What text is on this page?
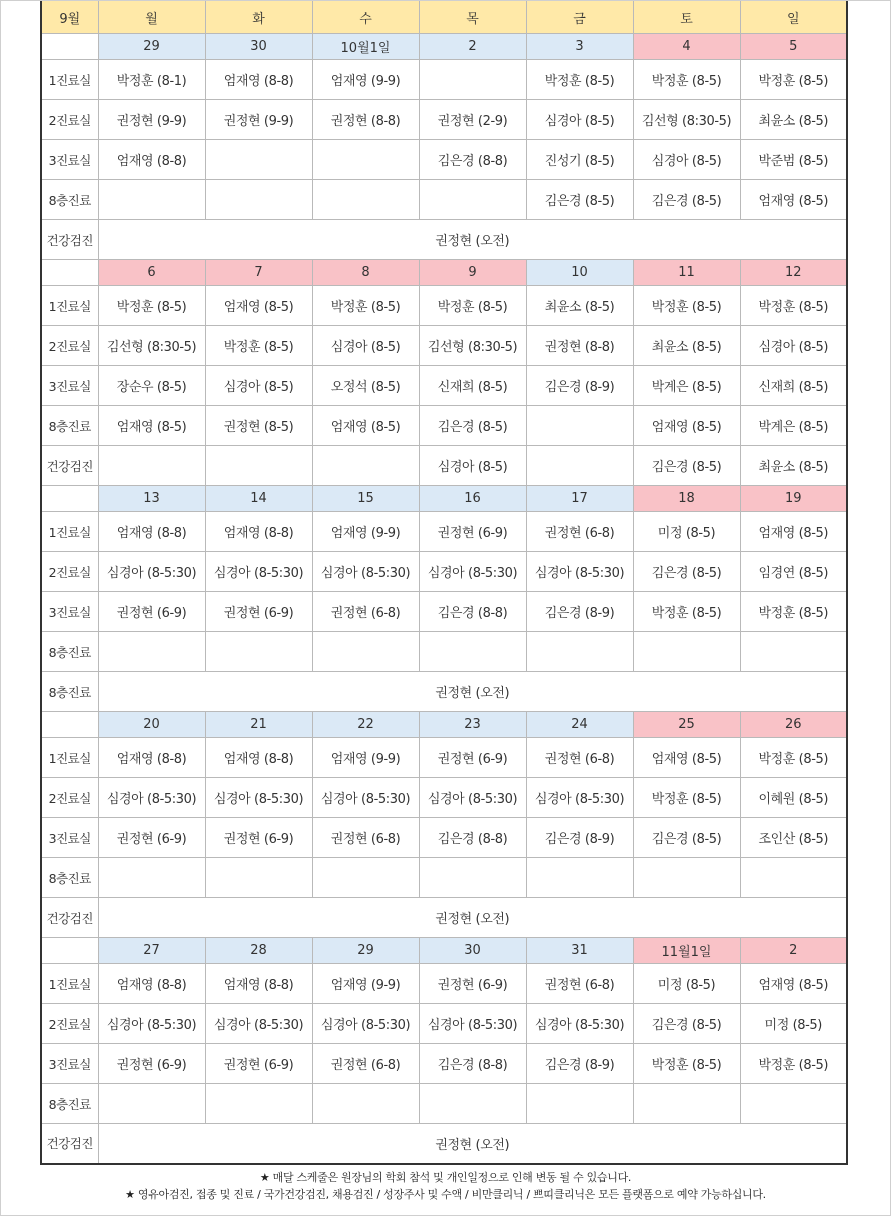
9월	월	화	수	목	금	토	일
	29	30	10월1일	2	3	4	5
1진료실	박정훈 (8-1)	엄재영 (8-8)	엄재영 (9-9)		박정훈 (8-5)	박정훈 (8-5)	박정훈 (8-5)
2진료실	권정현 (9-9)	권정현 (9-9)	권정현 (8-8)	권정현 (2-9)	심경아 (8-5)	김선형 (8:30-5)	최윤소 (8-5)
3진료실	엄재영 (8-8)			김은경 (8-8)	진성기 (8-5)	심경아 (8-5)	박준범 (8-5)
8층진료					김은경 (8-5)	김은경 (8-5)	엄재영 (8-5)
건강검진	권정현 (오전)						
	6	7	8	9	10	11	12
1진료실	박정훈 (8-5)	엄재영 (8-5)	박정훈 (8-5)	박정훈 (8-5)	최윤소 (8-5)	박정훈 (8-5)	박정훈 (8-5)
2진료실	김선형 (8:30-5)	박정훈 (8-5)	심경아 (8-5)	김선형 (8:30-5)	권정현 (8-8)	최윤소 (8-5)	심경아 (8-5)
3진료실	장순우 (8-5)	심경아 (8-5)	오정석 (8-5)	신재희 (8-5)	김은경 (8-9)	박계은 (8-5)	신재희 (8-5)
8층진료	엄재영 (8-5)	권정현 (8-5)	엄재영 (8-5)	김은경 (8-5)		엄재영 (8-5)	박계은 (8-5)
건강검진				심경아 (8-5)		김은경 (8-5)	최윤소 (8-5)
	13	14	15	16	17	18	19
1진료실	엄재영 (8-8)	엄재영 (8-8)	엄재영 (9-9)	권정현 (6-9)	권정현 (6-8)	미정 (8-5)	엄재영 (8-5)
2진료실	심경아 (8-5:30)	심경아 (8-5:30)	심경아 (8-5:30)	심경아 (8-5:30)	심경아 (8-5:30)	김은경 (8-5)	임경연 (8-5)
3진료실	권정현 (6-9)	권정현 (6-9)	권정현 (6-8)	김은경 (8-8)	김은경 (8-9)	박정훈 (8-5)	박정훈 (8-5)
8층진료							
8층진료	권정현 (오전)						
	20	21	22	23	24	25	26
1진료실	엄재영 (8-8)	엄재영 (8-8)	엄재영 (9-9)	권정현 (6-9)	권정현 (6-8)	엄재영 (8-5)	박정훈 (8-5)
2진료실	심경아 (8-5:30)	심경아 (8-5:30)	심경아 (8-5:30)	심경아 (8-5:30)	심경아 (8-5:30)	박정훈 (8-5)	이혜원 (8-5)
3진료실	권정현 (6-9)	권정현 (6-9)	권정현 (6-8)	김은경 (8-8)	김은경 (8-9)	김은경 (8-5)	조인산 (8-5)
8층진료							
건강검진	권정현 (오전)						
	27	28	29	30	31	11월1일	2
1진료실	엄재영 (8-8)	엄재영 (8-8)	엄재영 (9-9)	권정현 (6-9)	권정현 (6-8)	미정 (8-5)	엄재영 (8-5)
2진료실	심경아 (8-5:30)	심경아 (8-5:30)	심경아 (8-5:30)	심경아 (8-5:30)	심경아 (8-5:30)	김은경 (8-5)	미정 (8-5)
3진료실	권정현 (6-9)	권정현 (6-9)	권정현 (6-8)	김은경 (8-8)	김은경 (8-9)	박정훈 (8-5)	박정훈 (8-5)
8층진료							
건강검진	권정현 (오전)						
★ 매달 스케줄은 원장님의 학회 참석 및 개인일정으로 인해 변동 될 수 있습니다.
★ 영유아검진, 접종 및 진료 / 국가건강검진, 채용검진 / 성장주사 및 수액 / 비만클리닉 / 쁘띠클리닉은 모든 플랫폼으로 예약 가능하십니다.
